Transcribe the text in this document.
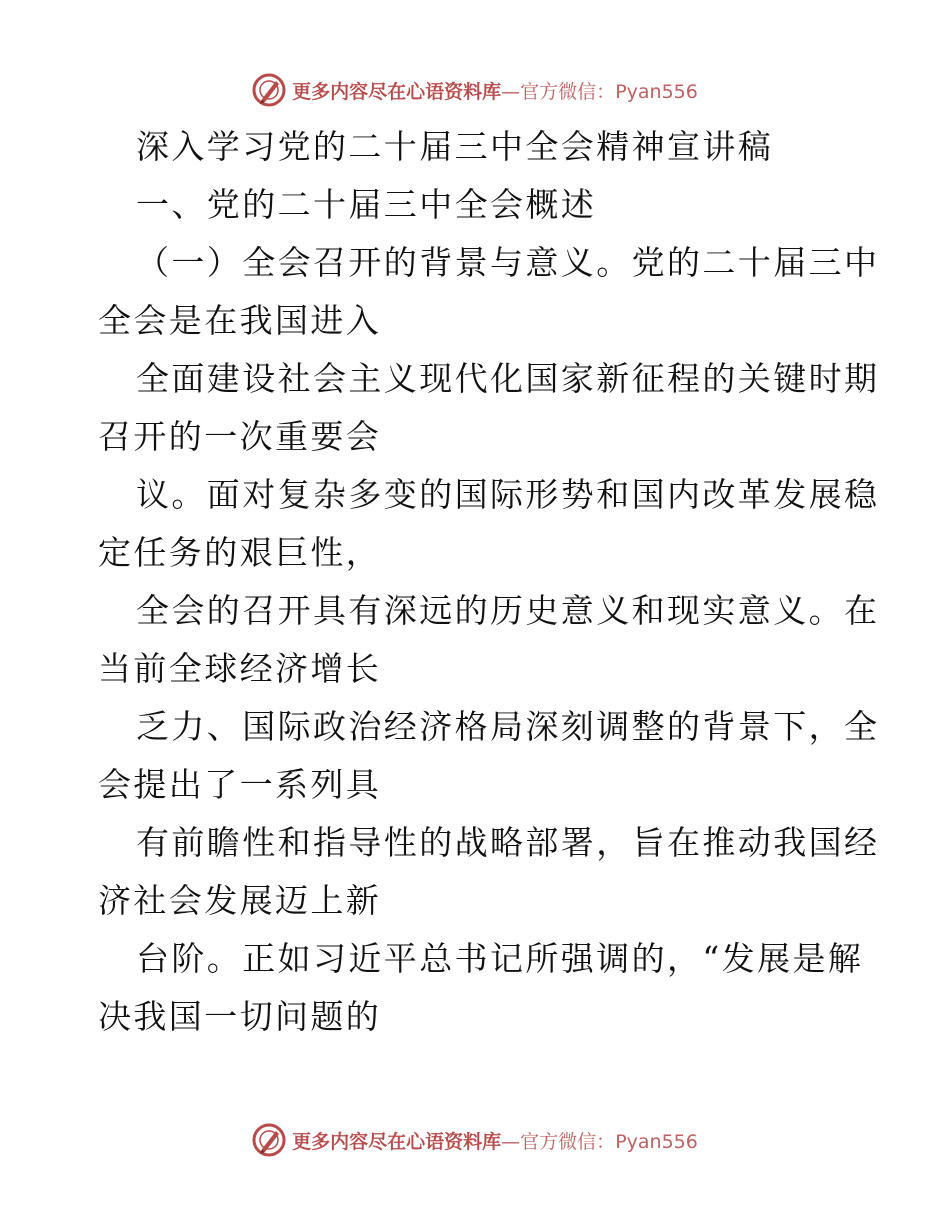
更多内容尽在心语资料库—官方微信：Pyan556
深入学习党的二十届三中全会精神宣讲稿
一、党的二十届三中全会概述
（一）全会召开的背景与意义。党的二十届三中
全会是在我国进入
全面建设社会主义现代化国家新征程的关键时期
召开的一次重要会
议。面对复杂多变的国际形势和国内改革发展稳
定任务的艰巨性，
全会的召开具有深远的历史意义和现实意义。在
当前全球经济增长
乏力、国际政治经济格局深刻调整的背景下，全
会提出了一系列具
有前瞻性和指导性的战略部署，旨在推动我国经
济社会发展迈上新
台阶。正如习近平总书记所强调的，“发展是解
决我国一切问题的
更多内容尽在心语资料库—官方微信：Pyan556
